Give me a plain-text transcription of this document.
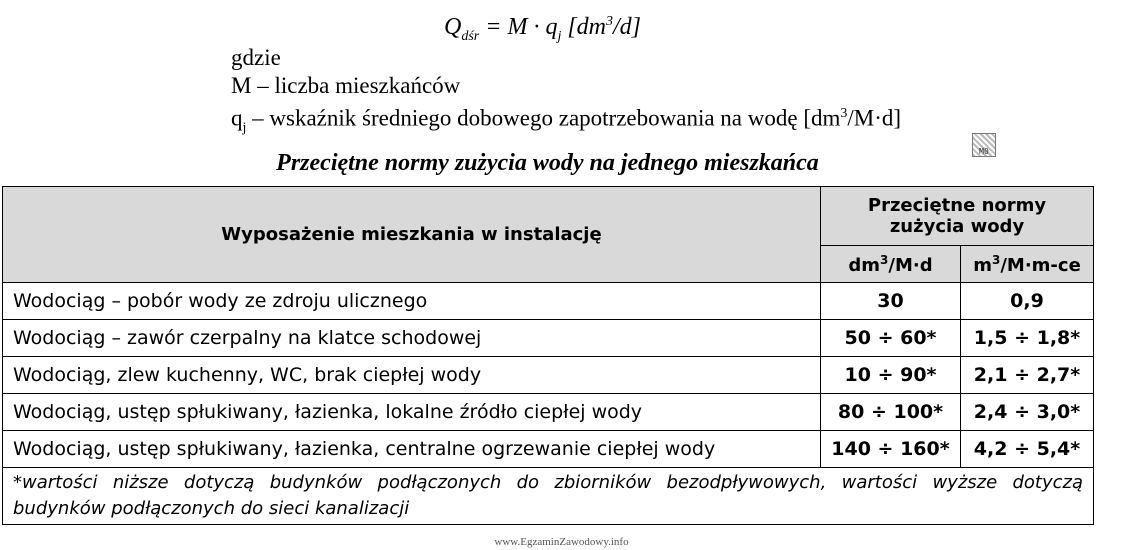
$Q_{dśr} = M \cdot q_j$ $[dm^3/d]$
gdzie
M – liczba mieszkańców
$q_j$ – wskaźnik średniego dobowego zapotrzebowania na wodę $[dm^3/M\cdot d]$
M0
Przeciętne normy zużycia wody na jednego mieszkańca
Wyposażenie mieszkania w instalację	Przeciętne normy zużycia wody	
	$dm^3/M\cdot d$	$m^3/M\cdot m-ce$
Wodociąg – pobór wody ze zdroju ulicznego	30	0,9
Wodociąg – zawór czerpalny na klatce schodowej	50 ÷ 60*	1,5 ÷ 1,8*
Wodociąg, zlew kuchenny, WC, brak ciepłej wody	10 ÷ 90*	2,1 ÷ 2,7*
Wodociąg, ustęp spłukiwany, łazienka, lokalne źródło ciepłej wody	80 ÷ 100*	2,4 ÷ 3,0*
Wodociąg, ustęp spłukiwany, łazienka, centralne ogrzewanie ciepłej wody	140 ÷ 160*	4,2 ÷ 5,4*
*wartości niższe dotyczą budynków podłączonych do zbiorników bezodpływowych, wartości wyższe dotyczą budynków podłączonych do sieci kanalizacji		
www.EgzaminZawodowy.info
